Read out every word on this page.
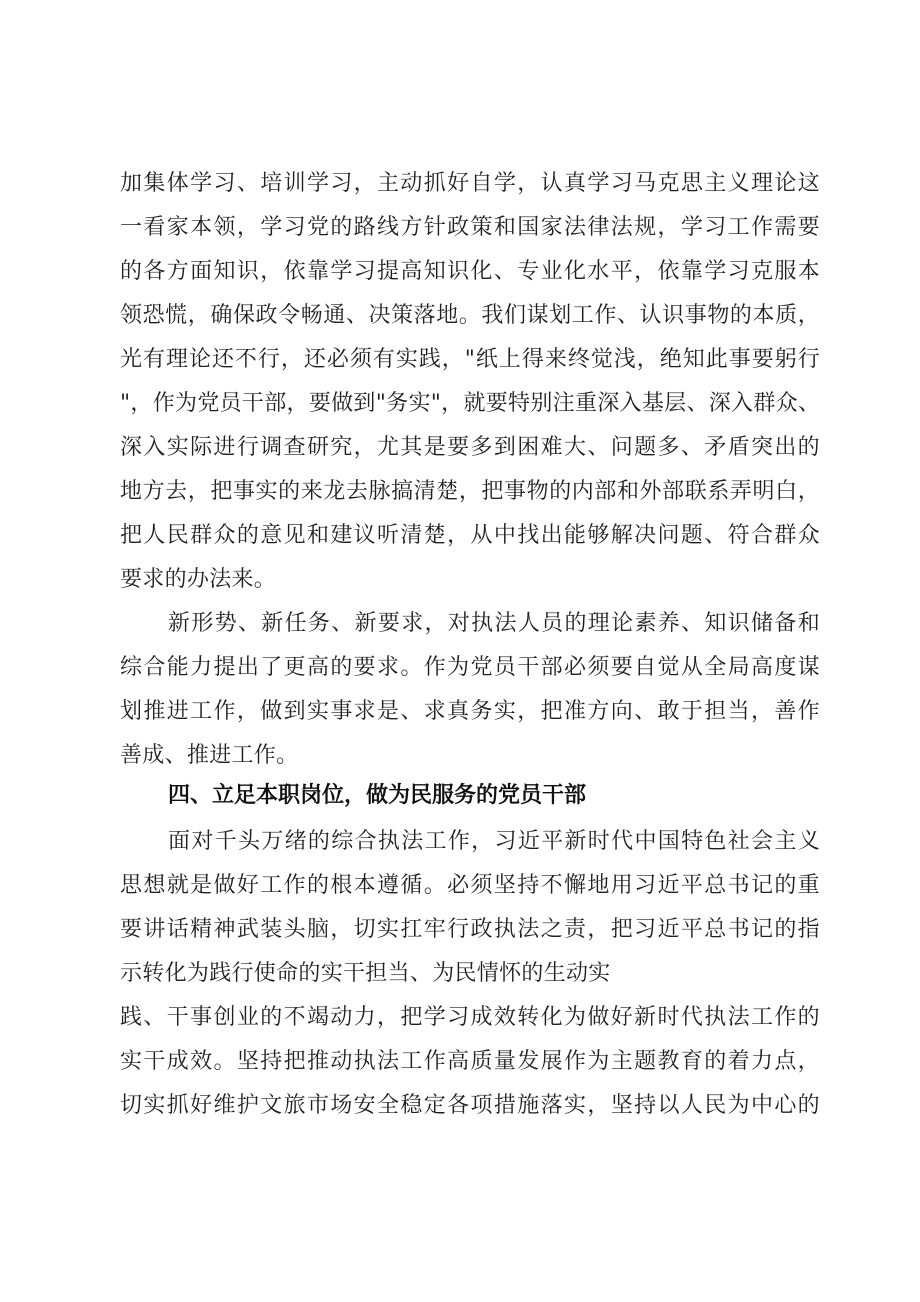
加集体学习、培训学习，主动抓好自学，认真学习马克思主义理论这
一看家本领，学习党的路线方针政策和国家法律法规，学习工作需要
的各方面知识，依靠学习提高知识化、专业化水平，依靠学习克服本
领恐慌，确保政令畅通、决策落地。我们谋划工作、认识事物的本质，
光有理论还不行，还必须有实践，"纸上得来终觉浅，绝知此事要躬行
"，作为党员干部，要做到"务实"，就要特别注重深入基层、深入群众、
深入实际进行调查研究，尤其是要多到困难大、问题多、矛盾突出的
地方去，把事实的来龙去脉搞清楚，把事物的内部和外部联系弄明白，
把人民群众的意见和建议听清楚，从中找出能够解决问题、符合群众
要求的办法来。
新形势、新任务、新要求，对执法人员的理论素养、知识储备和
综合能力提出了更高的要求。作为党员干部必须要自觉从全局高度谋
划推进工作，做到实事求是、求真务实，把准方向、敢于担当，善作
善成、推进工作。
四、立足本职岗位，做为民服务的党员干部
面对千头万绪的综合执法工作，习近平新时代中国特色社会主义
思想就是做好工作的根本遵循。必须坚持不懈地用习近平总书记的重
要讲话精神武装头脑，切实扛牢行政执法之责，把习近平总书记的指
示转化为践行使命的实干担当、为民情怀的生动实
践、干事创业的不竭动力，把学习成效转化为做好新时代执法工作的
实干成效。坚持把推动执法工作高质量发展作为主题教育的着力点，
切实抓好维护文旅市场安全稳定各项措施落实，坚持以人民为中心的
